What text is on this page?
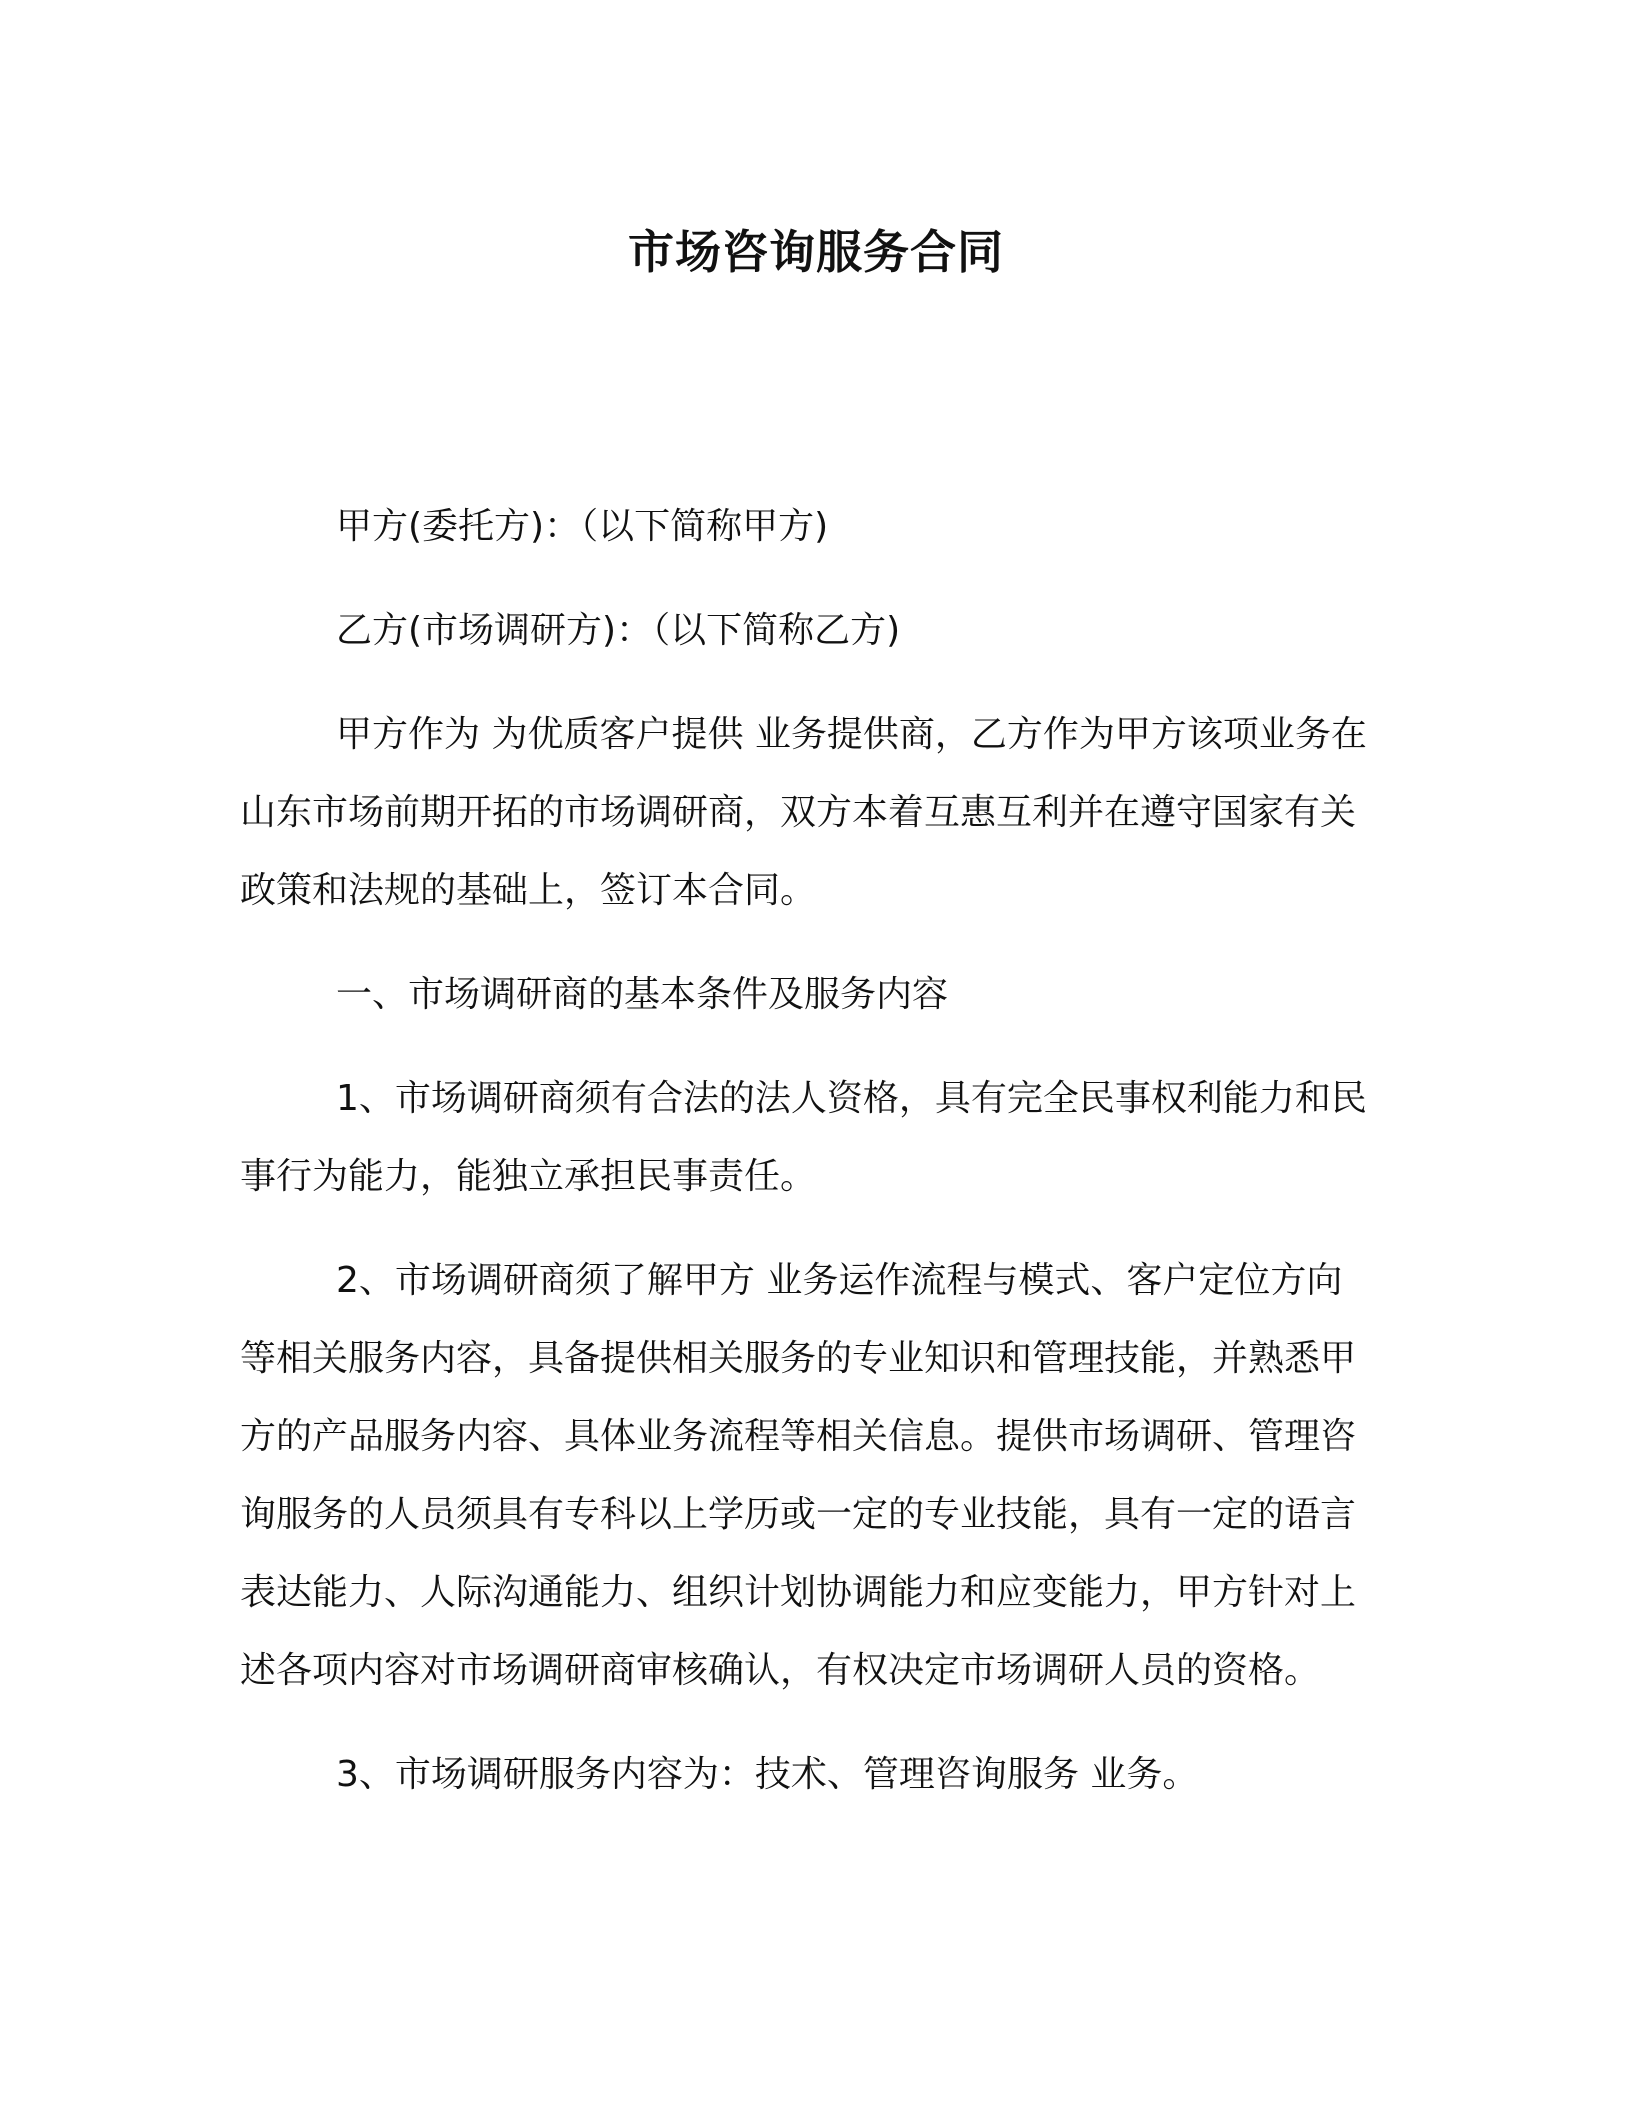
市场咨询服务合同

甲方(委托方)：（以下简称甲方)

乙方(市场调研方)：（以下简称乙方)

甲方作为 为优质客户提供 业务提供商，乙方作为甲方该项业务在山东市场前期开拓的市场调研商，双方本着互惠互利并在遵守国家有关政策和法规的基础上，签订本合同。

一、市场调研商的基本条件及服务内容

1、市场调研商须有合法的法人资格，具有完全民事权利能力和民事行为能力，能独立承担民事责任。

2、市场调研商须了解甲方 业务运作流程与模式、客户定位方向等相关服务内容，具备提供相关服务的专业知识和管理技能，并熟悉甲方的产品服务内容、具体业务流程等相关信息。提供市场调研、管理咨询服务的人员须具有专科以上学历或一定的专业技能，具有一定的语言表达能力、人际沟通能力、组织计划协调能力和应变能力，甲方针对上述各项内容对市场调研商审核确认，有权决定市场调研人员的资格。

3、市场调研服务内容为：技术、管理咨询服务 业务。
